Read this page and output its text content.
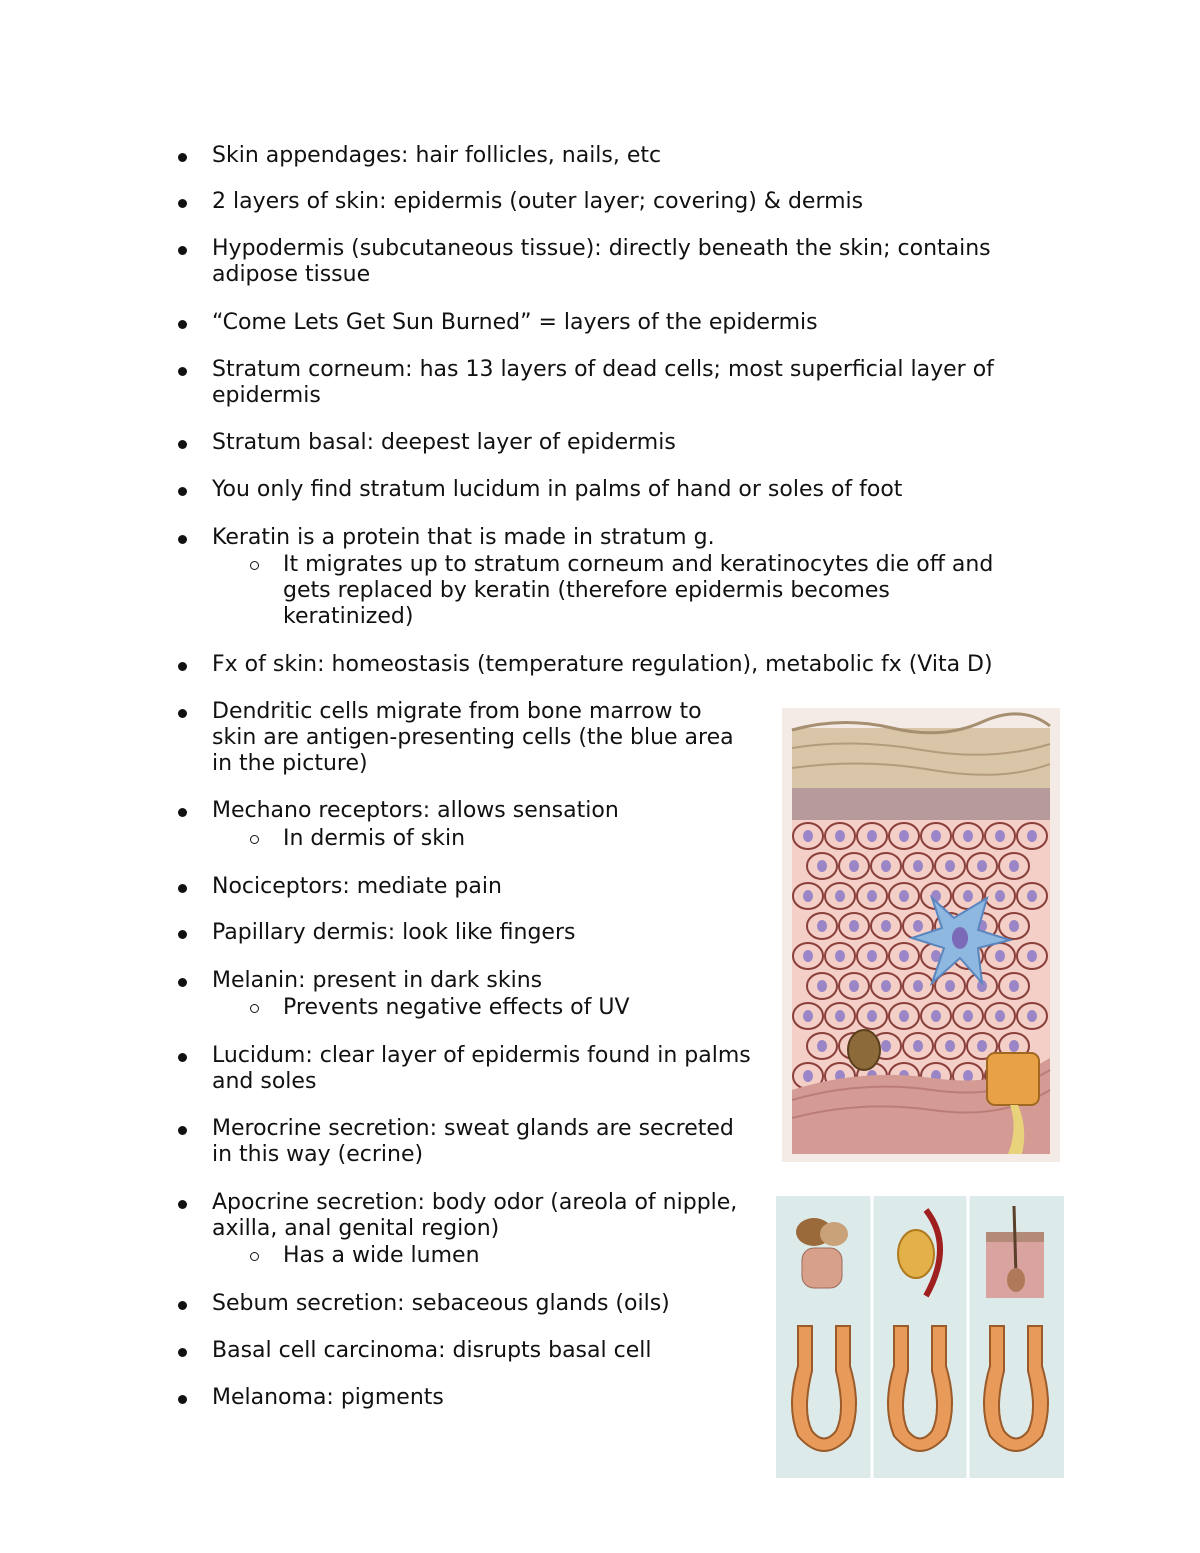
Skin appendages: hair follicles, nails, etc
2 layers of skin: epidermis (outer layer; covering) & dermis
Hypodermis (subcutaneous tissue): directly beneath the skin; contains adipose tissue
“Come Lets Get Sun Burned” = layers of the epidermis
Stratum corneum: has 13 layers of dead cells; most superficial layer of epidermis
Stratum basal: deepest layer of epidermis
You only find stratum lucidum in palms of hand or soles of foot
Keratin is a protein that is made in stratum g.
It migrates up to stratum corneum and keratinocytes die off and gets replaced by keratin (therefore epidermis becomes keratinized)
Fx of skin: homeostasis (temperature regulation), metabolic fx (Vita D)
Dendritic cells migrate from bone marrow to skin are antigen-presenting cells (the blue area in the picture)
Mechano receptors: allows sensation
In dermis of skin
Nociceptors: mediate pain
Papillary dermis: look like fingers
Melanin: present in dark skins
Prevents negative effects of UV
Lucidum: clear layer of epidermis found in palms and soles
Merocrine secretion: sweat glands are secreted in this way (ecrine)
Apocrine secretion: body odor (areola of nipple, axilla, anal genital region)
Has a wide lumen
Sebum secretion: sebaceous glands (oils)
Basal cell carcinoma: disrupts basal cell
Melanoma: pigments
